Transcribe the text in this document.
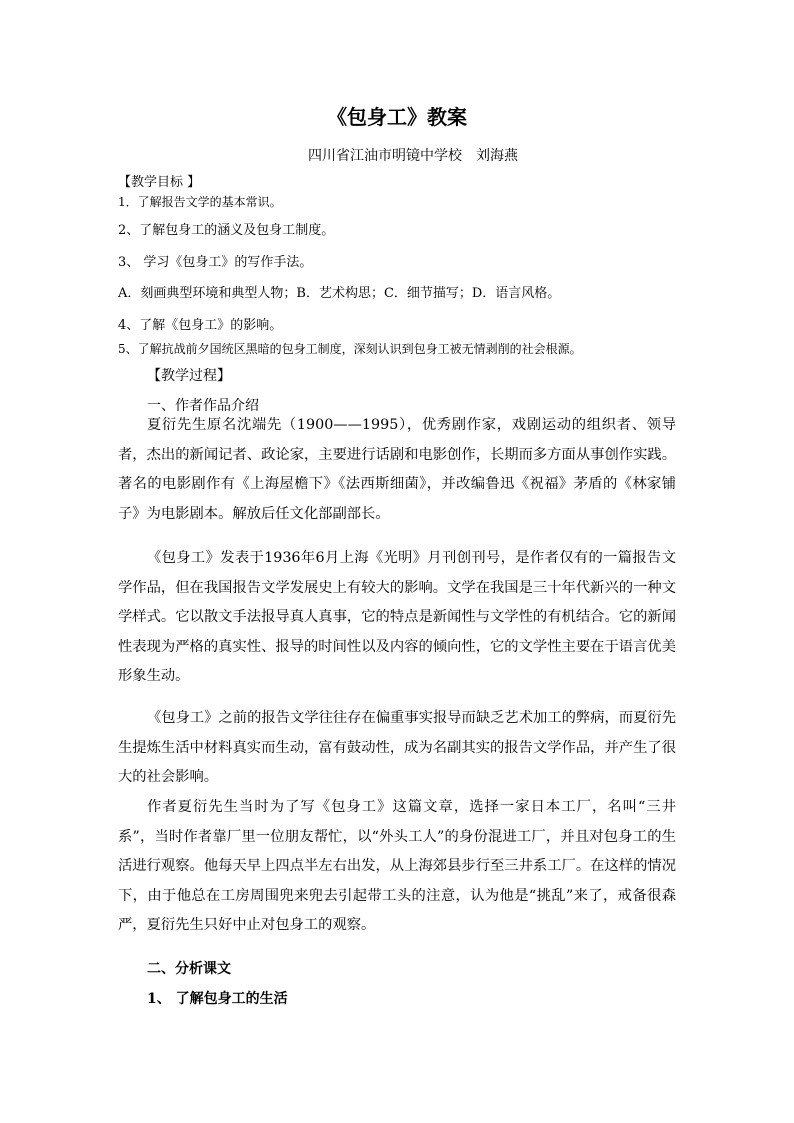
《包身工》教案
四川省江油市明镜中学校　刘海燕
【教学目标 】
1．了解报告文学的基本常识。
2、了解包身工的涵义及包身工制度。
3、 学习《包身工》的写作手法。
A．刻画典型环境和典型人物；B．艺术构思；C．细节描写；D．语言风格。
4、了解《包身工》的影响。
5、了解抗战前夕国统区黑暗的包身工制度，深刻认识到包身工被无情剥削的社会根源。
【教学过程】
一、作者作品介绍

夏衍先生原名沈端先（1900——1995），优秀剧作家，戏剧运动的组织者、领导者，杰出的新闻记者、政论家，主要进行话剧和电影创作，长期而多方面从事创作实践。著名的电影剧作有《上海屋檐下》《法西斯细菌》，并改编鲁迅《祝福》茅盾的《林家铺子》为电影剧本。解放后任文化部副部长。

《包身工》发表于1936年6月上海《光明》月刊创刊号，是作者仅有的一篇报告文学作品，但在我国报告文学发展史上有较大的影响。文学在我国是三十年代新兴的一种文学样式。它以散文手法报导真人真事，它的特点是新闻性与文学性的有机结合。它的新闻性表现为严格的真实性、报导的时间性以及内容的倾向性，它的文学性主要在于语言优美形象生动。

《包身工》之前的报告文学往往存在偏重事实报导而缺乏艺术加工的弊病，而夏衍先生提炼生活中材料真实而生动，富有鼓动性，成为名副其实的报告文学作品，并产生了很大的社会影响。

作者夏衍先生当时为了写《包身工》这篇文章，选择一家日本工厂，名叫“三井系”，当时作者靠厂里一位朋友帮忙，以“外头工人”的身份混进工厂，并且对包身工的生活进行观察。他每天早上四点半左右出发，从上海郊县步行至三井系工厂。在这样的情况下，由于他总在工房周围兜来兜去引起带工头的注意，认为他是“挑乱”来了，戒备很森严，夏衍先生只好中止对包身工的观察。

二、分析课文
1、 了解包身工的生活
